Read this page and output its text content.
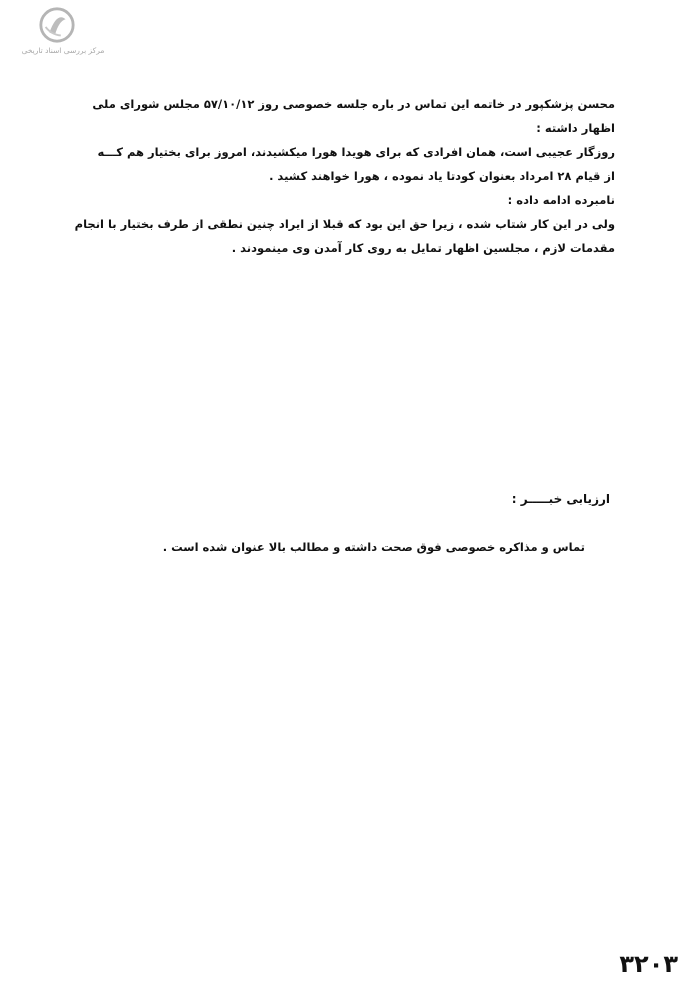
مرکز بررسی اسناد تاریخی
محسن پزشکپور در خاتمه این تماس در باره جلسه خصوصی روز ۵۷/۱۰/۱۲ مجلس شورای ملی
اظهار داشته :
روزگار عجیبی است، همان افرادی که برای هویدا هورا میکشیدند، امروز برای بختیار هم کـــه
از قیام ۲۸ امرداد بعنوان کودتا یاد نموده ، هورا خواهند کشید .
نامبرده ادامه داده :
ولی در این کار شتاب شده ، زیرا حق این بود که قبلا از ایراد چنین نطقی از طرف بختیار با انجام
مقدمات لازم ، مجلسین اظهار تمایل به روی کار آمدن وی مینمودند .
ارزیابی خبـــــر :
تماس و مذاکره خصوصی فوق صحت داشته و مطالب بالا عنوان شده است .
۳۲۰۳
